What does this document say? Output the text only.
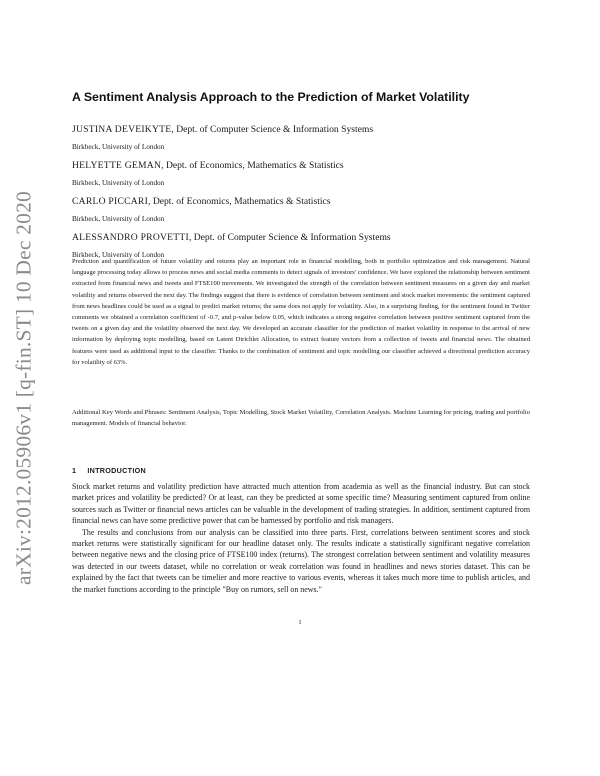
arXiv:2012.05906v1 [q-fin.ST] 10 Dec 2020
A Sentiment Analysis Approach to the Prediction of Market Volatility
JUSTINA DEVEIKYTE, Dept. of Computer Science & Information Systems
Birkbeck, University of London
HELYETTE GEMAN, Dept. of Economics, Mathematics & Statistics
Birkbeck, University of London
CARLO PICCARI, Dept. of Economics, Mathematics & Statistics
Birkbeck, University of London
ALESSANDRO PROVETTI, Dept. of Computer Science & Information Systems
Birkbeck, University of London
Prediction and quantification of future volatility and returns play an important role in financial modelling, both in portfolio optimization and risk management. Natural language processing today allows to process news and social media comments to detect signals of investors' confidence. We have explored the relationship between sentiment extracted from financial news and tweets and FTSE100 movements. We investigated the strength of the correlation between sentiment measures on a given day and market volatility and returns observed the next day. The findings suggest that there is evidence of correlation between sentiment and stock market movements: the sentiment captured from news headlines could be used as a signal to predict market returns; the same does not apply for volatility. Also, in a surprising finding, for the sentiment found in Twitter comments we obtained a correlation coefficient of -0.7, and p-value below 0.05, which indicates a strong negative correlation between positive sentiment captured from the tweets on a given day and the volatility observed the next day. We developed an accurate classifier for the prediction of market volatility in response to the arrival of new information by deploying topic modelling, based on Latent Dirichlet Allocation, to extract feature vectors from a collection of tweets and financial news. The obtained features were used as additional input to the classifier. Thanks to the combination of sentiment and topic modelling our classifier achieved a directional prediction accuracy for volatility of 63%.
Additional Key Words and Phrases: Sentiment Analysis, Topic Modelling, Stock Market Volatility, Correlation Analysis. Machine Learning for pricing, trading and portfolio management. Models of financial behavior.
1 INTRODUCTION

Stock market returns and volatility prediction have attracted much attention from academia as well as the financial industry. But can stock market prices and volatility be predicted? Or at least, can they be predicted at some specific time? Measuring sentiment captured from online sources such as Twitter or financial news articles can be valuable in the development of trading strategies. In addition, sentiment captured from financial news can have some predictive power that can be harnessed by portfolio and risk managers.

The results and conclusions from our analysis can be classified into three parts. First, correlations between sentiment scores and stock market returns were statistically significant for our headline dataset only. The results indicate a statistically significant negative correlation between negative news and the closing price of FTSE100 index (returns). The strongest correlation between sentiment and volatility measures was detected in our tweets dataset, while no correlation or weak correlation was found in headlines and news stories dataset. This can be explained by the fact that tweets can be timelier and more reactive to various events, whereas it takes much more time to publish articles, and the market functions according to the principle "Buy on rumors, sell on news."

1
